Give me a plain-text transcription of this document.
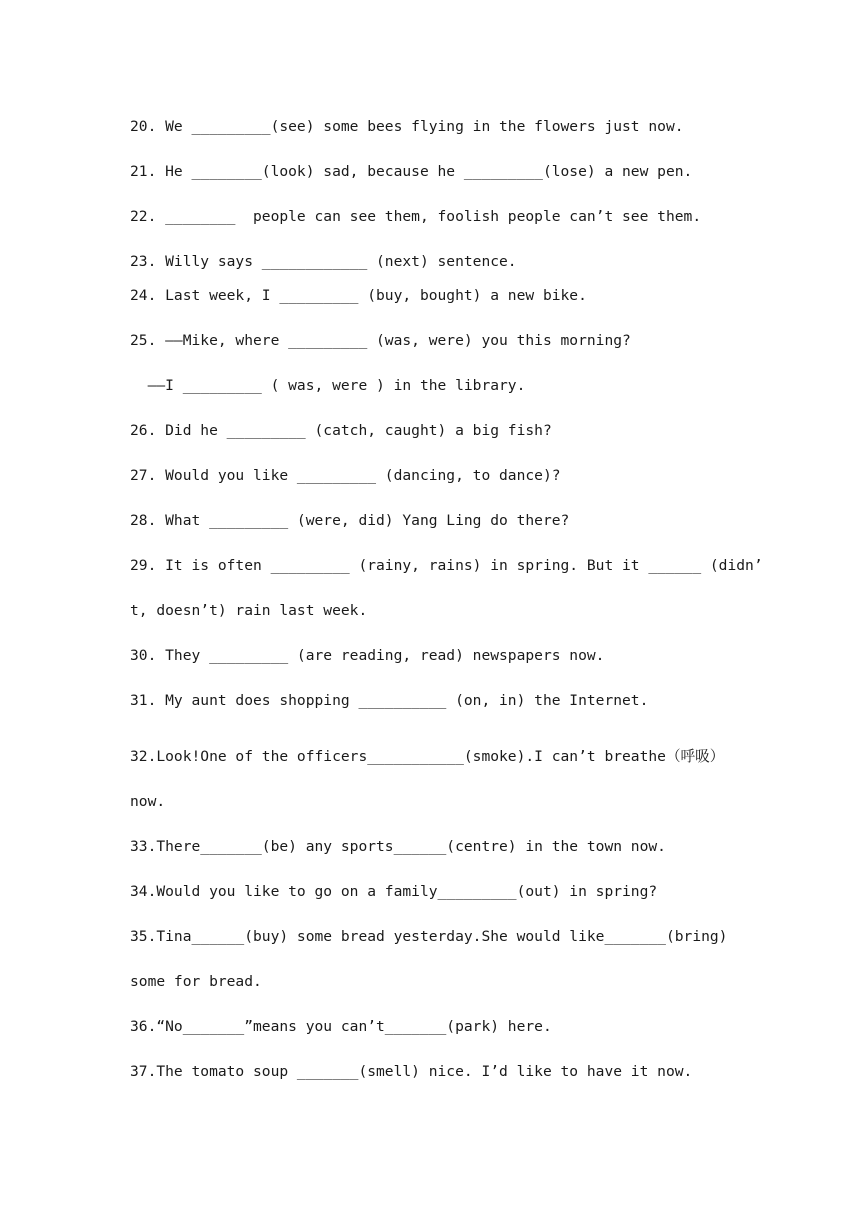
20. We _________(see) some bees flying in the flowers just now.
21. He ________(look) sad, because he _________(lose) a new pen.
22. ________  people can see them, foolish people can’t see them.
23. Willy says ____________ (next) sentence.
24. Last week, I _________ (buy, bought) a new bike.
25. ——Mike, where _________ (was, were) you this morning?
——I _________ ( was, were ) in the library.
26. Did he _________ (catch, caught) a big fish?
27. Would you like _________ (dancing, to dance)?
28. What _________ (were, did) Yang Ling do there?
29. It is often _________ (rainy, rains) in spring. But it ______ (didn’
t, doesn’t) rain last week.
30. They _________ (are reading, read) newspapers now.
31. My aunt does shopping __________ (on, in) the Internet.
32.Look!One of the officers___________(smoke).I can’t breathe（呼吸）
now.
33.There_______(be) any sports______(centre) in the town now.
34.Would you like to go on a family_________(out) in spring?
35.Tina______(buy) some bread yesterday.She would like_______(bring)
some for bread.
36.“No_______”means you can’t_______(park) here.
37.The tomato soup _______(smell) nice. I’d like to have it now.
